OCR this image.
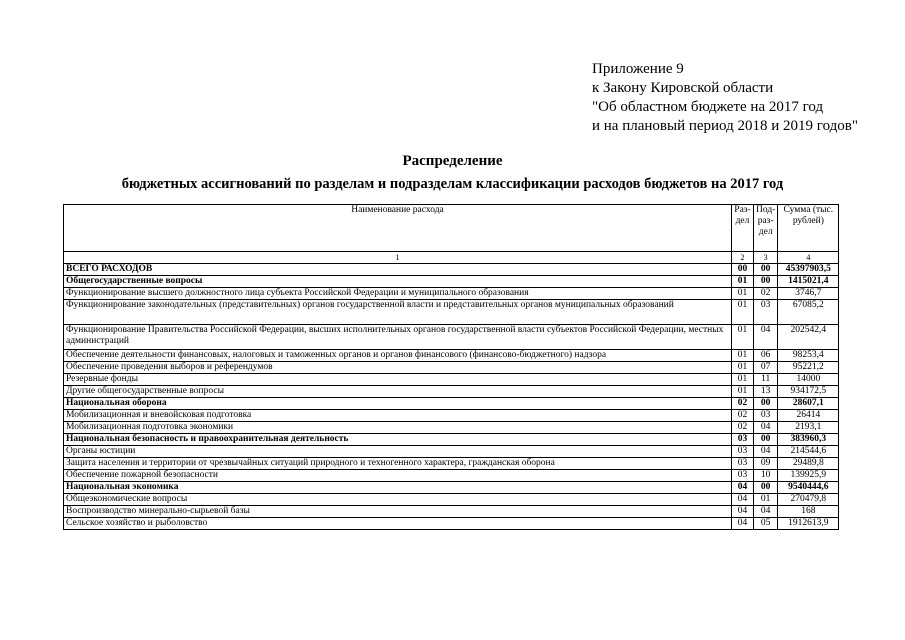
Приложение 9
к Закону Кировской области
"Об областном бюджете на 2017 год
и на плановый период 2018 и 2019 годов"
Распределение
бюджетных ассигнований по разделам и подразделам классификации расходов бюджетов на 2017 год
Наименование расхода	Раз-дел	Под-раз-дел	Сумма (тыс. рублей)
1	2	3	4
ВСЕГО РАСХОДОВ	00	00	45397903,5
Общегосударственные вопросы	01	00	1415021,4
Функционирование высшего должностного лица субъекта Российской Федерации и муниципального образования	01	02	3746,7
Функционирование законодательных (представительных) органов государственной власти и представительных органов муниципальных образований	01	03	67085,2
Функционирование Правительства Российской Федерации, высших исполнительных органов государственной власти субъектов Российской Федерации, местных администраций	01	04	202542,4
Обеспечение деятельности финансовых, налоговых и таможенных органов и органов финансового (финансово-бюджетного) надзора	01	06	98253,4
Обеспечение проведения выборов и референдумов	01	07	95221,2
Резервные фонды	01	11	14000
Другие общегосударственные вопросы	01	13	934172,5
Национальная оборона	02	00	28607,1
Мобилизационная и вневойсковая подготовка	02	03	26414
Мобилизационная подготовка экономики	02	04	2193,1
Национальная безопасность и правоохранительная деятельность	03	00	383960,3
Органы юстиции	03	04	214544,6
Защита населения и территории от чрезвычайных ситуаций природного и техногенного характера, гражданская оборона	03	09	29489,8
Обеспечение пожарной безопасности	03	10	139925,9
Национальная экономика	04	00	9540444,6
Общеэкономические вопросы	04	01	270479,8
Воспроизводство минерально-сырьевой базы	04	04	168
Сельское хозяйство и рыболовство	04	05	1912613,9
